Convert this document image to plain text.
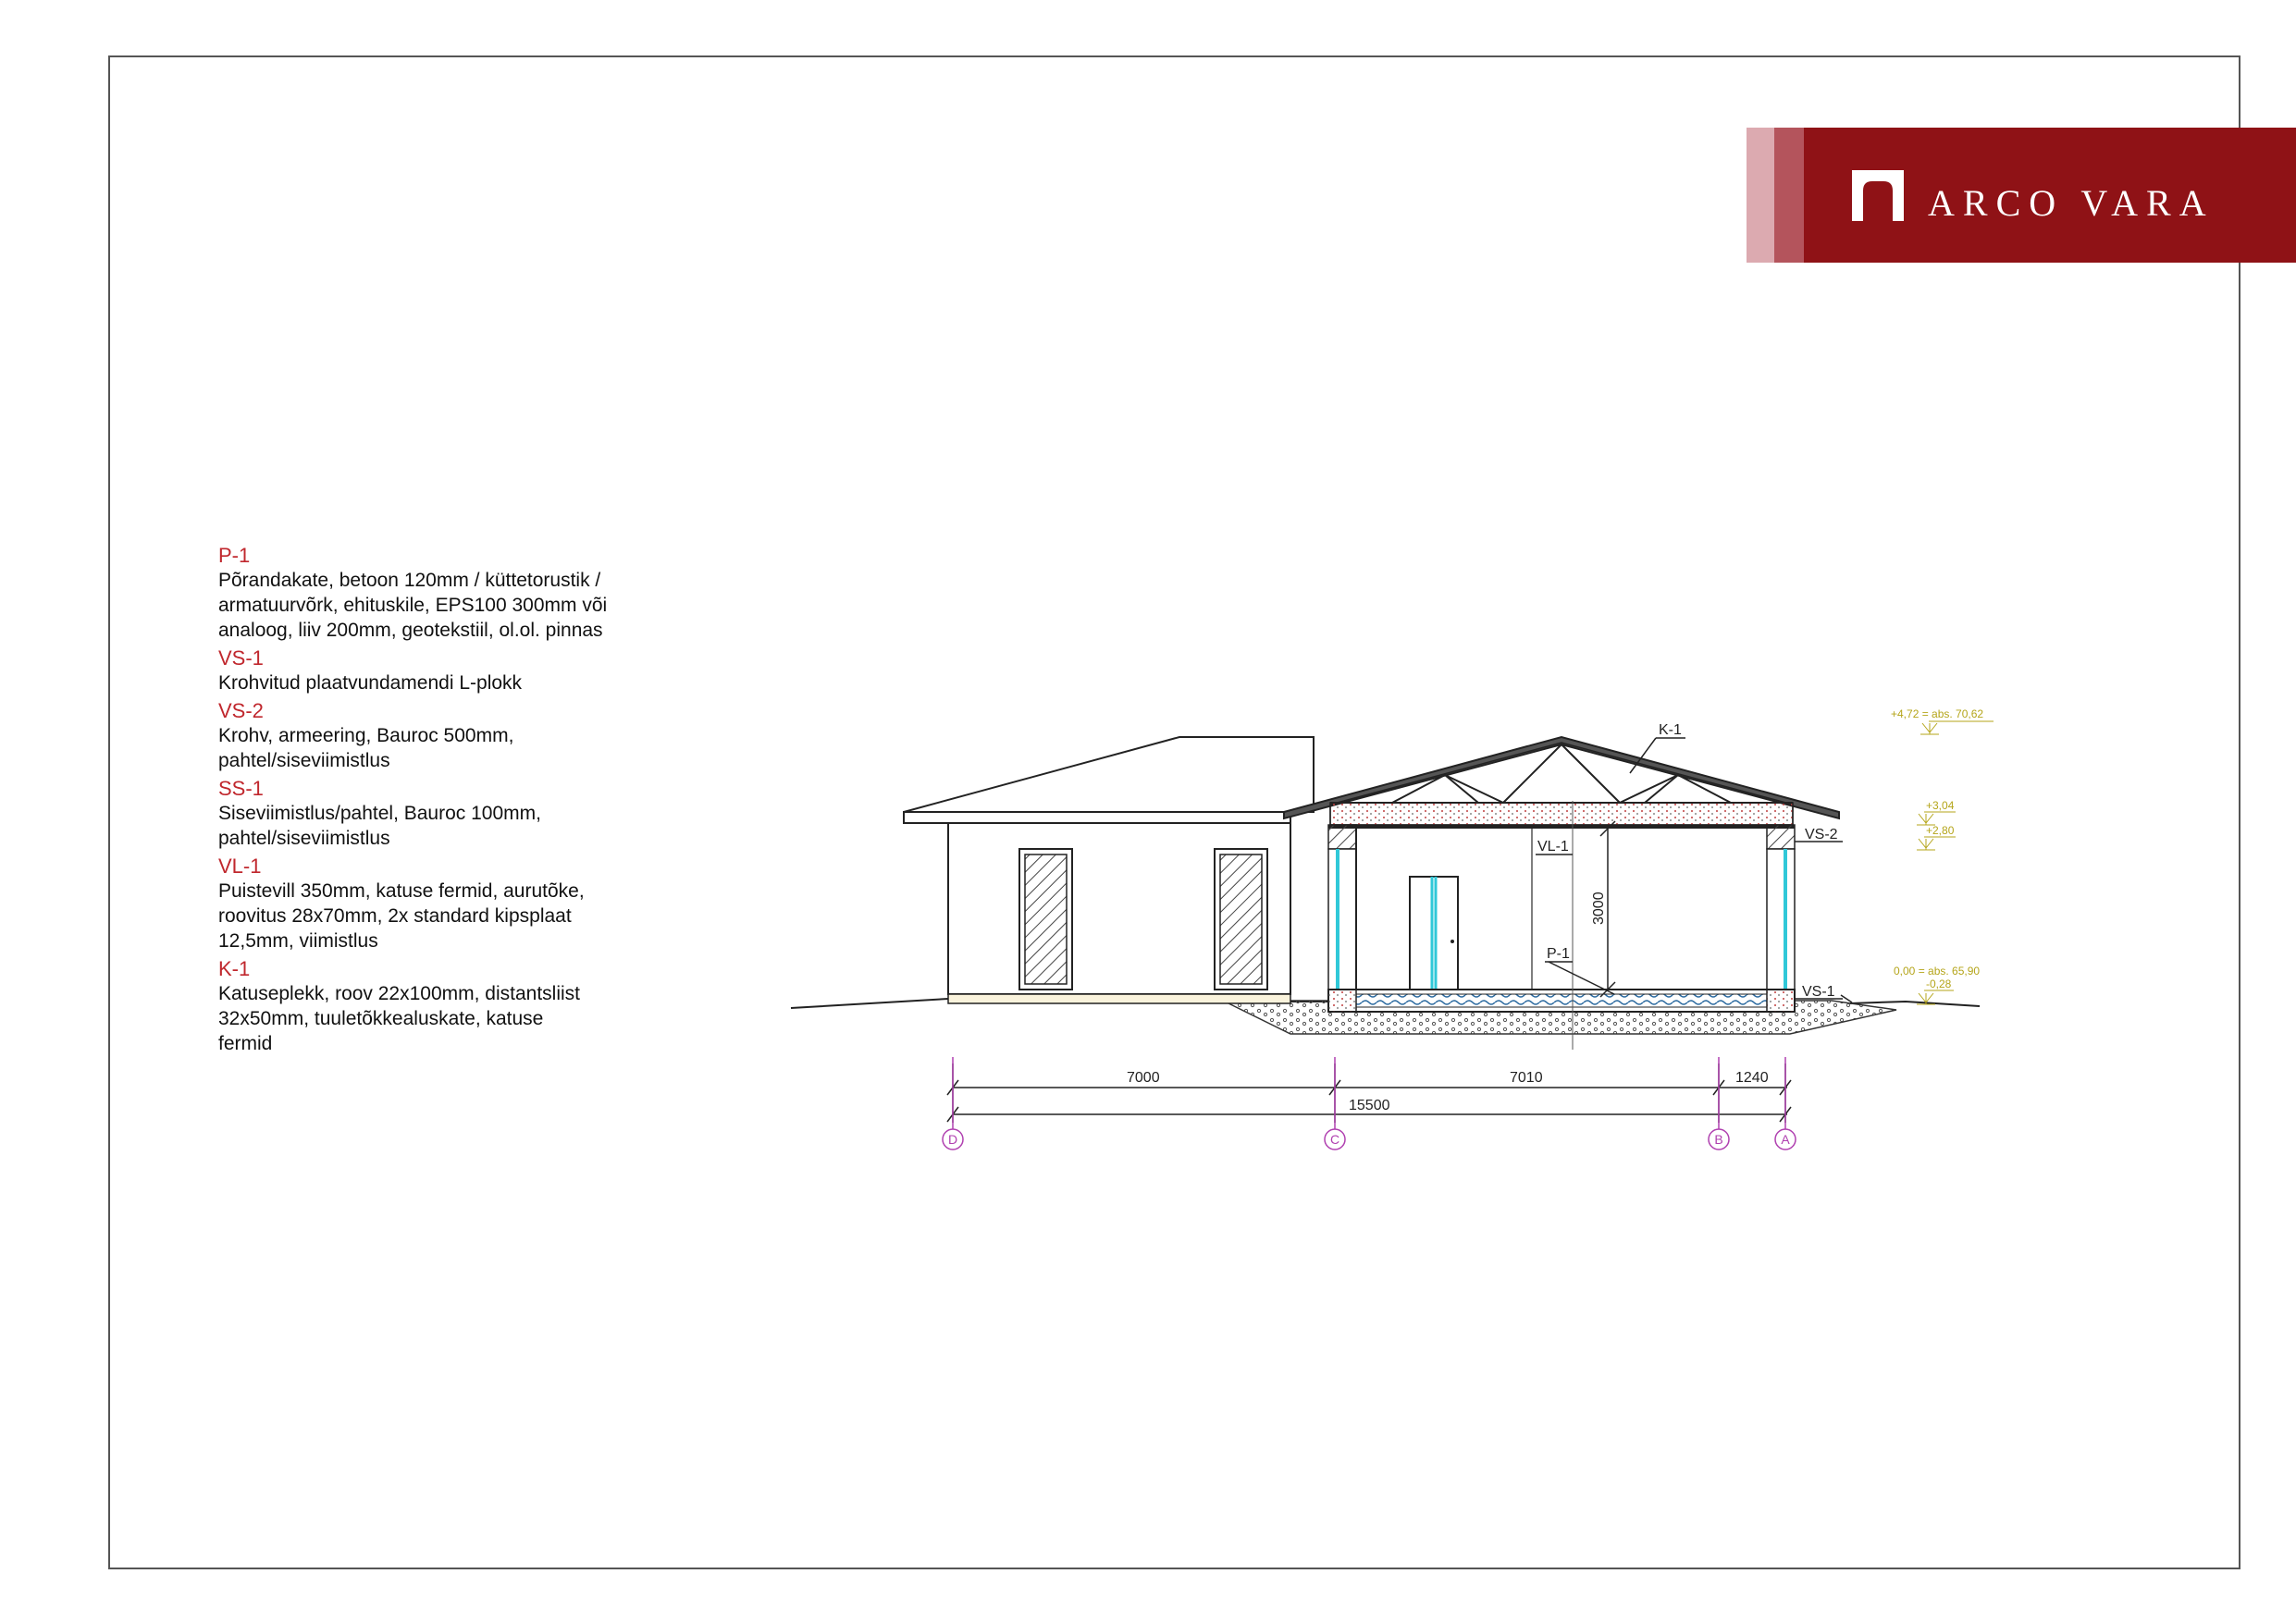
ARCO VARA
P-1
Põrandakate, betoon 120mm / küttetorustik /
armatuurvõrk, ehituskile, EPS100 300mm või
analoog, liiv 200mm, geotekstiil, ol.ol. pinnas
VS-1
Krohvitud plaatvundamendi L-plokk
VS-2
Krohv, armeering, Bauroc 500mm,
pahtel/siseviimistlus
SS-1
Siseviimistlus/pahtel, Bauroc 100mm,
pahtel/siseviimistlus
VL-1
Puistevill 350mm, katuse fermid, aurutõke,
roovitus 28x70mm, 2x standard kipsplaat
12,5mm, viimistlus
K-1
Katuseplekk, roov 22x100mm, distantsliist
32x50mm, tuuletõkkealuskate, katuse
fermid
K-1
VL-1
VS-2
P-1
VS-1
3000
+4,72 = abs. 70,62
+3,04
+2,80
0,00 = abs. 65,90
-0,28
7000	7010	1240
15500
D	C	B	A
